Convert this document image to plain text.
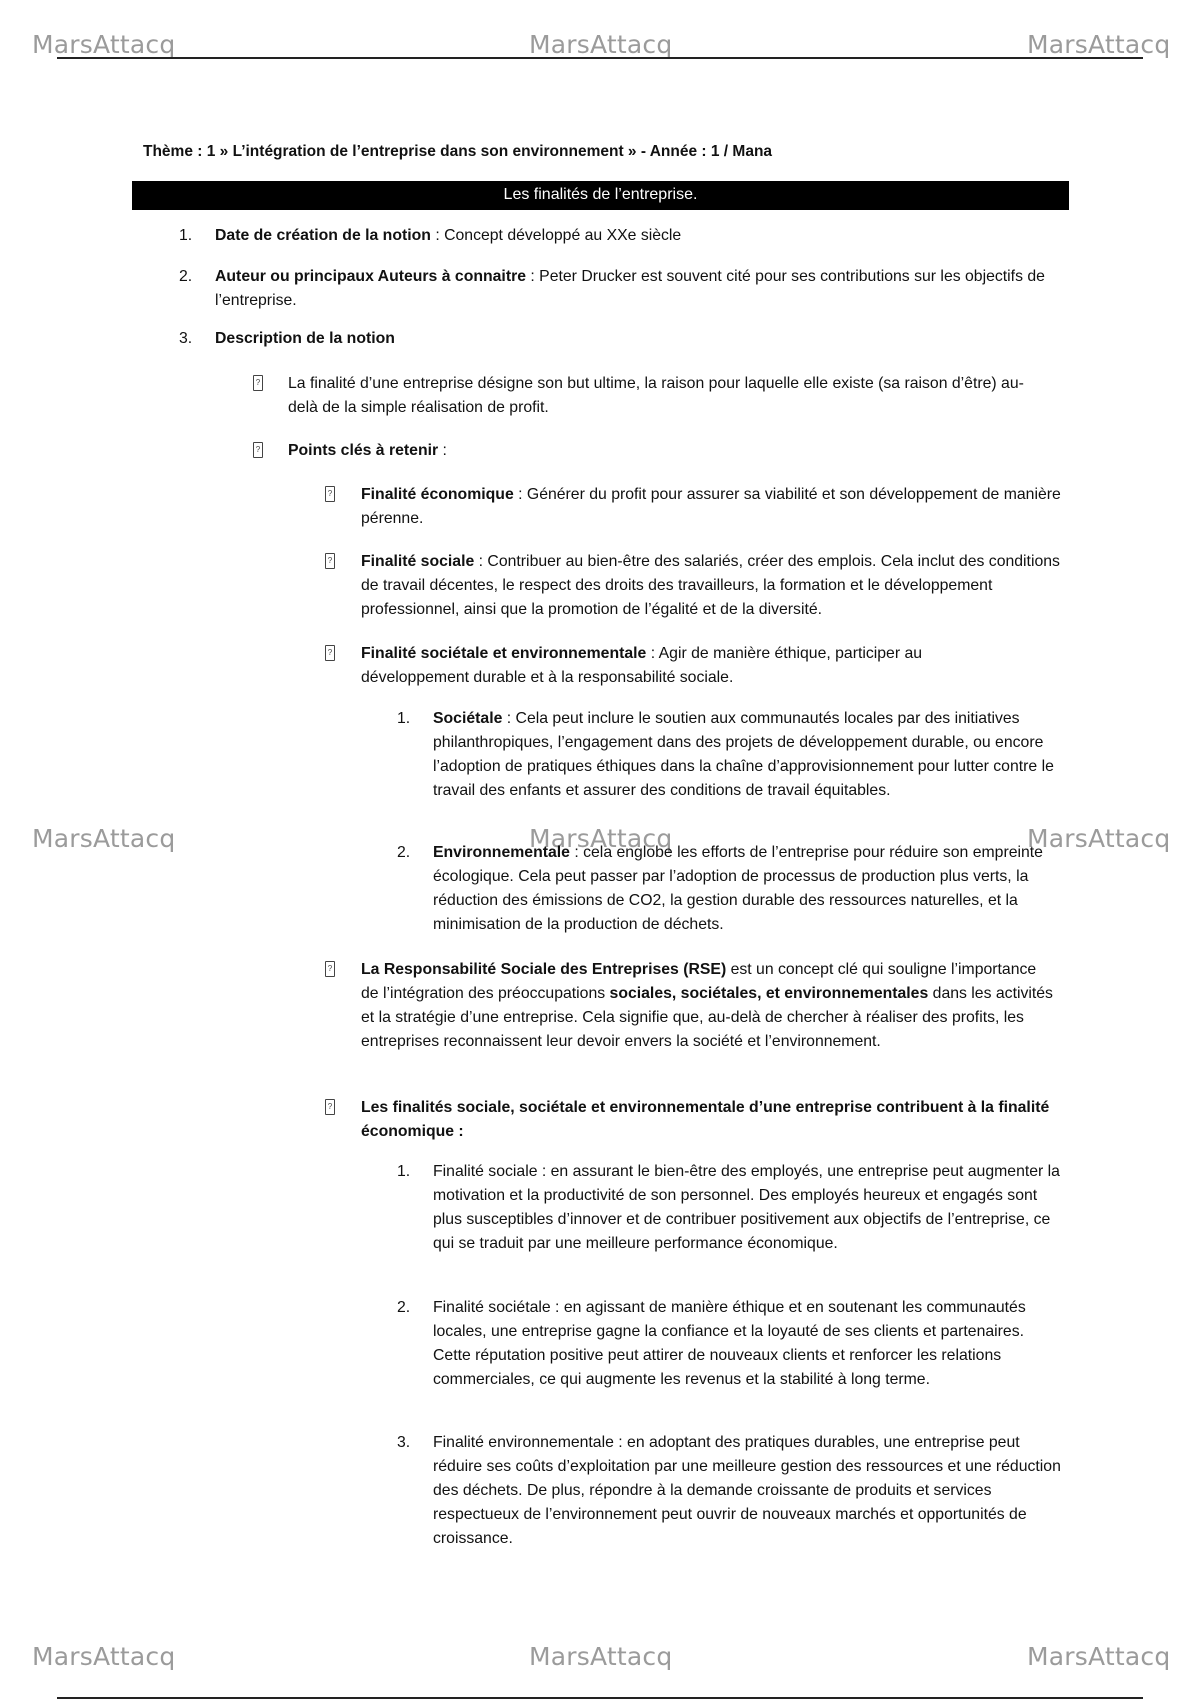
MarsAttacq	MarsAttacq	MarsAttacq
MarsAttacq	MarsAttacq	MarsAttacq
MarsAttacq	MarsAttacq	MarsAttacq
Thème : 1 » L’intégration de l’entreprise dans son environnement » - Année : 1 / Mana
Les finalités de l’entreprise.
1. Date de création de la notion : Concept développé au XXe siècle
2. Auteur ou principaux Auteurs à connaitre : Peter Drucker est souvent cité pour ses contributions sur les objectifs de l’entreprise.
3. Description de la notion
? La finalité d’une entreprise désigne son but ultime, la raison pour laquelle elle existe (sa raison d’être) au-delà de la simple réalisation de profit.
? Points clés à retenir :
? Finalité économique : Générer du profit pour assurer sa viabilité et son développement de manière pérenne.
? Finalité sociale : Contribuer au bien-être des salariés, créer des emplois. Cela inclut des conditions de travail décentes, le respect des droits des travailleurs, la formation et le développement professionnel, ainsi que la promotion de l’égalité et de la diversité.
? Finalité sociétale et environnementale : Agir de manière éthique, participer au développement durable et à la responsabilité sociale.
1. Sociétale : Cela peut inclure le soutien aux communautés locales par des initiatives philanthropiques, l’engagement dans des projets de développement durable, ou encore l’adoption de pratiques éthiques dans la chaîne d’approvisionnement pour lutter contre le travail des enfants et assurer des conditions de travail équitables.
2. Environnementale : cela englobe les efforts de l’entreprise pour réduire son empreinte écologique. Cela peut passer par l’adoption de processus de production plus verts, la réduction des émissions de CO2, la gestion durable des ressources naturelles, et la minimisation de la production de déchets.
? La Responsabilité Sociale des Entreprises (RSE) est un concept clé qui souligne l’importance de l’intégration des préoccupations sociales, sociétales, et environnementales dans les activités et la stratégie d’une entreprise. Cela signifie que, au-delà de chercher à réaliser des profits, les entreprises reconnaissent leur devoir envers la société et l’environnement.
? Les finalités sociale, sociétale et environnementale d’une entreprise contribuent à la finalité économique :
1. Finalité sociale : en assurant le bien-être des employés, une entreprise peut augmenter la motivation et la productivité de son personnel. Des employés heureux et engagés sont plus susceptibles d’innover et de contribuer positivement aux objectifs de l’entreprise, ce qui se traduit par une meilleure performance économique.
2. Finalité sociétale : en agissant de manière éthique et en soutenant les communautés locales, une entreprise gagne la confiance et la loyauté de ses clients et partenaires. Cette réputation positive peut attirer de nouveaux clients et renforcer les relations commerciales, ce qui augmente les revenus et la stabilité à long terme.
3. Finalité environnementale : en adoptant des pratiques durables, une entreprise peut réduire ses coûts d’exploitation par une meilleure gestion des ressources et une réduction des déchets. De plus, répondre à la demande croissante de produits et services respectueux de l’environnement peut ouvrir de nouveaux marchés et opportunités de croissance.
